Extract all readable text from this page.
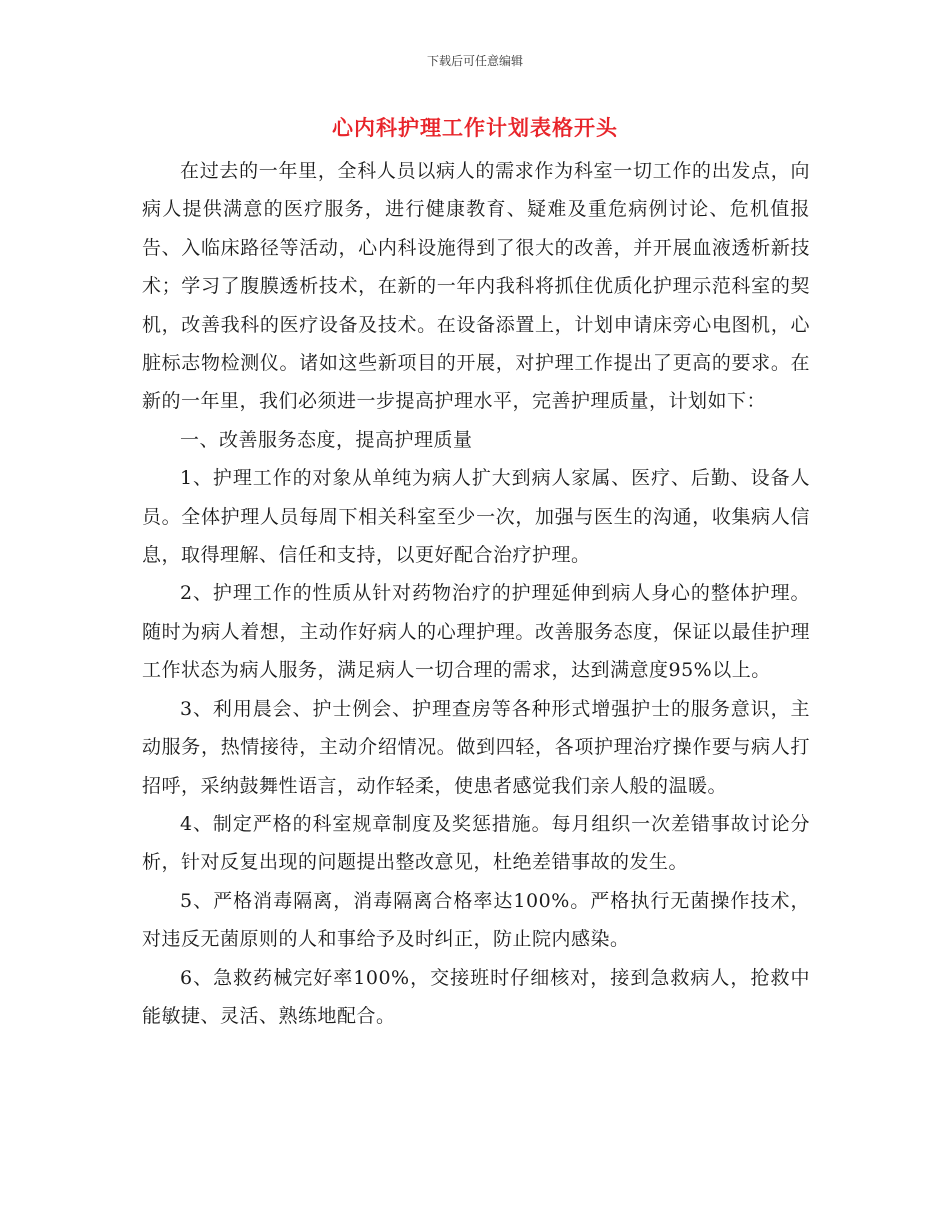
下载后可任意编辑
心内科护理工作计划表格开头

在过去的一年里，全科人员以病人的需求作为科室一切工作的出发点，向病人提供满意的医疗服务，进行健康教育、疑难及重危病例讨论、危机值报告、入临床路径等活动，心内科设施得到了很大的改善，并开展血液透析新技术；学习了腹膜透析技术，在新的一年内我科将抓住优质化护理示范科室的契机，改善我科的医疗设备及技术。在设备添置上，计划申请床旁心电图机，心脏标志物检测仪。诸如这些新项目的开展，对护理工作提出了更高的要求。在新的一年里，我们必须进一步提高护理水平，完善护理质量，计划如下：

一、改善服务态度，提高护理质量

1、护理工作的对象从单纯为病人扩大到病人家属、医疗、后勤、设备人员。全体护理人员每周下相关科室至少一次，加强与医生的沟通，收集病人信息，取得理解、信任和支持，以更好配合治疗护理。

2、护理工作的性质从针对药物治疗的护理延伸到病人身心的整体护理。随时为病人着想，主动作好病人的心理护理。改善服务态度，保证以最佳护理工作状态为病人服务，满足病人一切合理的需求，达到满意度95%以上。

3、利用晨会、护士例会、护理查房等各种形式增强护士的服务意识，主动服务，热情接待，主动介绍情况。做到四轻，各项护理治疗操作要与病人打招呼，采纳鼓舞性语言，动作轻柔，使患者感觉我们亲人般的温暖。

4、制定严格的科室规章制度及奖惩措施。每月组织一次差错事故讨论分析，针对反复出现的问题提出整改意见，杜绝差错事故的发生。

5、严格消毒隔离，消毒隔离合格率达100%。严格执行无菌操作技术，对违反无菌原则的人和事给予及时纠正，防止院内感染。

6、急救药械完好率100%，交接班时仔细核对，接到急救病人，抢救中能敏捷、灵活、熟练地配合。
